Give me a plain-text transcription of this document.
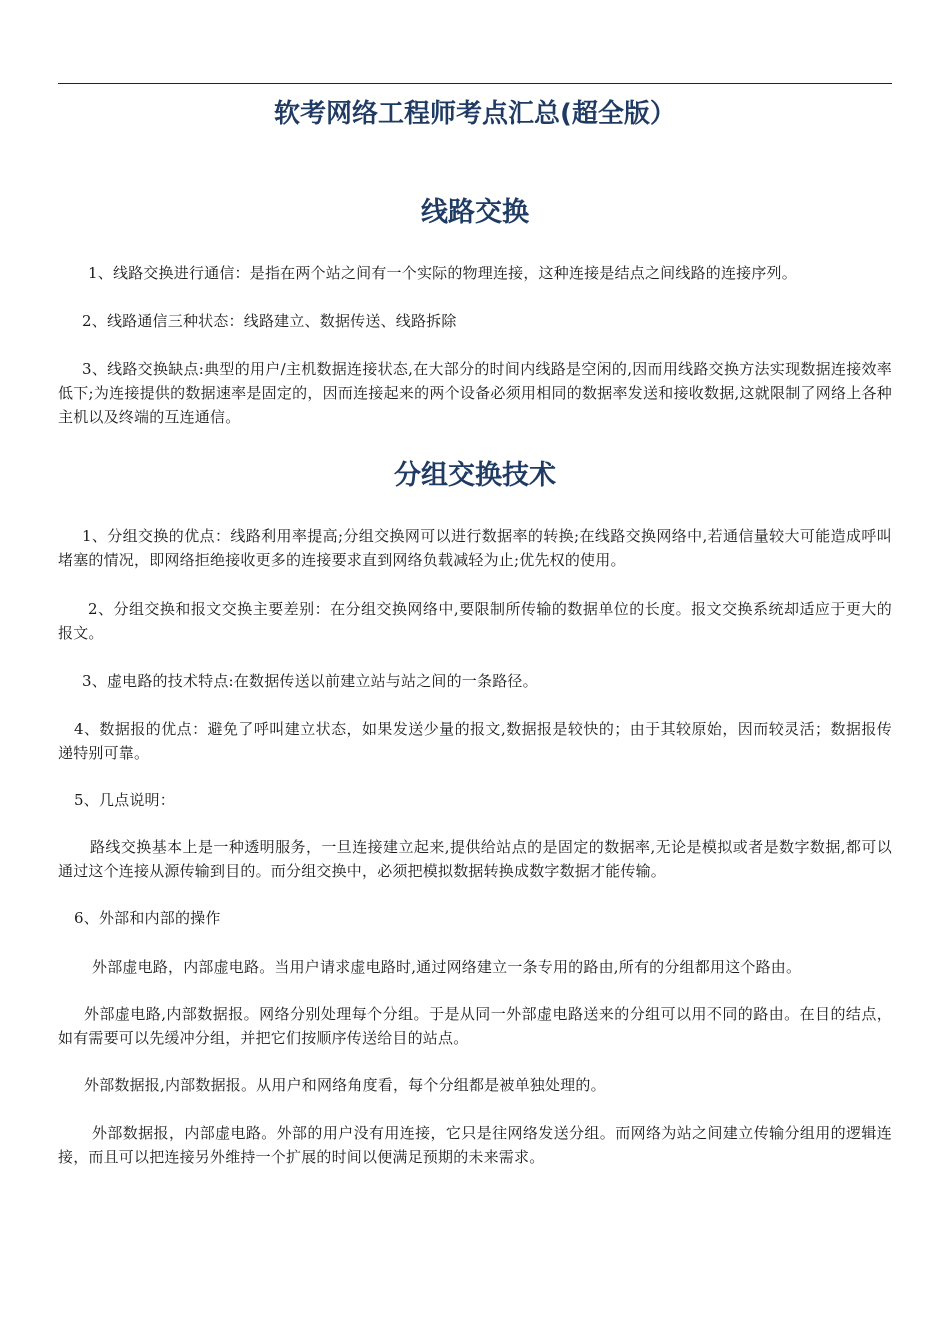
软考网络工程师考点汇总(超全版）
线路交换

1、线路交换进行通信：是指在两个站之间有一个实际的物理连接，这种连接是结点之间线路的连接序列。

2、线路通信三种状态：线路建立、数据传送、线路拆除

3、线路交换缺点:典型的用户/主机数据连接状态,在大部分的时间内线路是空闲的,因而用线路交换方法实现数据连接效率低下;为连接提供的数据速率是固定的，因而连接起来的两个设备必须用相同的数据率发送和接收数据,这就限制了网络上各种主机以及终端的互连通信。

分组交换技术

1、分组交换的优点：线路利用率提高;分组交换网可以进行数据率的转换;在线路交换网络中,若通信量较大可能造成呼叫堵塞的情况，即网络拒绝接收更多的连接要求直到网络负载减轻为止;优先权的使用。

2、分组交换和报文交换主要差别：在分组交换网络中,要限制所传输的数据单位的长度。报文交换系统却适应于更大的报文。

3、虚电路的技术特点:在数据传送以前建立站与站之间的一条路径。

4、数据报的优点：避免了呼叫建立状态，如果发送少量的报文,数据报是较快的；由于其较原始，因而较灵活；数据报传递特别可靠。

5、几点说明：

路线交换基本上是一种透明服务，一旦连接建立起来,提供给站点的是固定的数据率,无论是模拟或者是数字数据,都可以通过这个连接从源传输到目的。而分组交换中，必须把模拟数据转换成数字数据才能传输。

6、外部和内部的操作

外部虚电路，内部虚电路。当用户请求虚电路时,通过网络建立一条专用的路由,所有的分组都用这个路由。

外部虚电路,内部数据报。网络分别处理每个分组。于是从同一外部虚电路送来的分组可以用不同的路由。在目的结点，如有需要可以先缓冲分组，并把它们按顺序传送给目的站点。

外部数据报,内部数据报。从用户和网络角度看，每个分组都是被单独处理的。

外部数据报，内部虚电路。外部的用户没有用连接，它只是往网络发送分组。而网络为站之间建立传输分组用的逻辑连接，而且可以把连接另外维持一个扩展的时间以便满足预期的未来需求。
